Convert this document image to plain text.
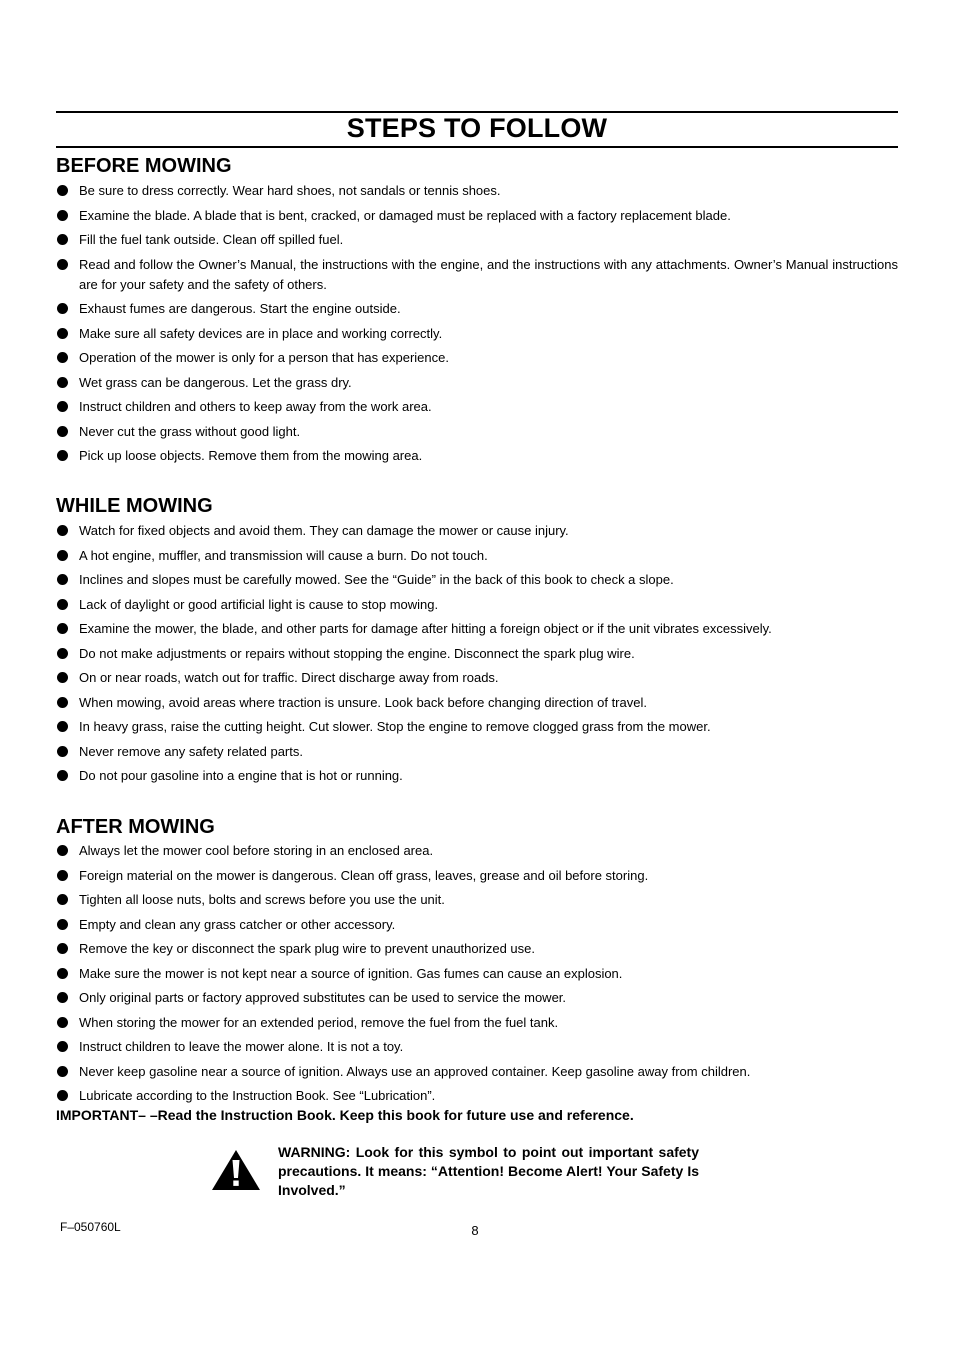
STEPS TO FOLLOW
BEFORE MOWING
Be sure to dress correctly. Wear hard shoes, not sandals or tennis shoes.
Examine the blade. A blade that is bent, cracked, or damaged must be replaced with a factory replacement blade.
Fill the fuel tank outside. Clean off spilled fuel.
Read and follow the Owner’s Manual, the instructions with the engine, and the instructions with any attachments. Owner’s Manual instructions are for your safety and the safety of others.
Exhaust fumes are dangerous. Start the engine outside.
Make sure all safety devices are in place and working correctly.
Operation of the mower is only for a person that has experience.
Wet grass can be dangerous. Let the grass dry.
Instruct children and others to keep away from the work area.
Never cut the grass without good light.
Pick up loose objects. Remove them from the mowing area.
WHILE MOWING
Watch for fixed objects and avoid them. They can damage the mower or cause injury.
A hot engine, muffler, and transmission will cause a burn. Do not touch.
Inclines and slopes must be carefully mowed. See the “Guide” in the back of this book to check a slope.
Lack of daylight or good artificial light is cause to stop mowing.
Examine the mower, the blade, and other parts for damage after hitting a foreign object or if the unit vibrates excessively.
Do not make adjustments or repairs without stopping the engine. Disconnect the spark plug wire.
On or near roads, watch out for traffic. Direct discharge away from roads.
When mowing, avoid areas where traction is unsure. Look back before changing direction of travel.
In heavy grass, raise the cutting height. Cut slower. Stop the engine to remove clogged grass from the mower.
Never remove any safety related parts.
Do not pour gasoline into a engine that is hot or running.
AFTER MOWING
Always let the mower cool before storing in an enclosed area.
Foreign material on the mower is dangerous. Clean off grass, leaves, grease and oil before storing.
Tighten all loose nuts, bolts and screws before you use the unit.
Empty and clean any grass catcher or other accessory.
Remove the key or disconnect the spark plug wire to prevent unauthorized use.
Make sure the mower is not kept near a source of ignition. Gas fumes can cause an explosion.
Only original parts or factory approved substitutes can be used to service the mower.
When storing the mower for an extended period, remove the fuel from the fuel tank.
Instruct children to leave the mower alone. It is not a toy.
Never keep gasoline near a source of ignition. Always use an approved container. Keep gasoline away from children.
Lubricate according to the Instruction Book. See “Lubrication”.
IMPORTANT– –Read the Instruction Book. Keep this book for future use and reference.
WARNING: Look for this symbol to point out important safety precautions. It means: “Attention! Become Alert! Your Safety Is Involved.”
F–050760L	8
